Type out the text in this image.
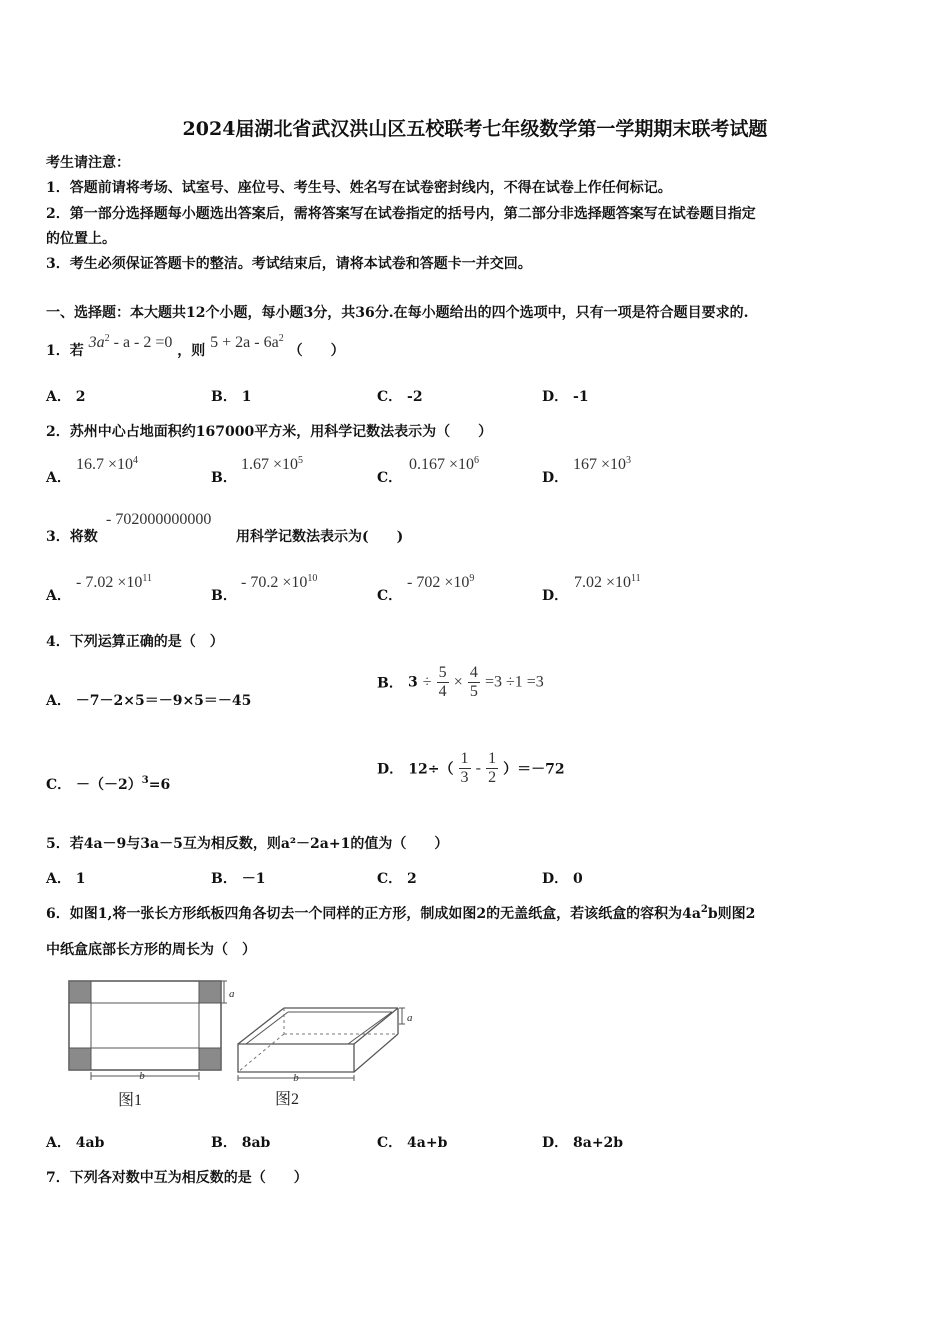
2024届湖北省武汉洪山区五校联考七年级数学第一学期期末联考试题
考生请注意：
1．答题前请将考场、试室号、座位号、考生号、姓名写在试卷密封线内，不得在试卷上作任何标记。
2．第一部分选择题每小题选出答案后，需将答案写在试卷指定的括号内，第二部分非选择题答案写在试卷题目指定
的位置上。
3．考生必须保证答题卡的整洁。考试结束后，请将本试卷和答题卡一并交回。
一、选择题：本大题共12个小题，每小题3分，共36分.在每小题给出的四个选项中，只有一项是符合题目要求的.
1．若 $3a^2 - a - 2 =0$ ，则 $5 + 2a - 6a^2$ （　　）
A． 2	B． 1	C． -2	D． -1
2．苏州中心占地面积约167000平方米，用科学记数法表示为（　　）
A．
$16.7 \times 10^4$
B．
$1.67 \times 10^5$
C．
$0.167 \times 10^6$
D．
$167 \times 10^3$
3．将数
- 702000000000
用科学记数法表示为(　　)
A．
- $7.02 \times 10^{11}$
B．
- $70.2 \times 10^{10}$
C．
- $702 \times 10^9$
D．
$7.02 \times 10^{11}$
4．下列运算正确的是（　）
A． －7－2×5＝－9×5＝－45
B． $3 \div \frac{5}{4} \times \frac{4}{5} =3 \div 1 =3$
C． $-(-2)^3=6$
D． $12\div( \frac{1}{3} - \frac{1}{2} )=-72$
5．若4a－9与3a－5互为相反数，则a²－2a+1的值为（　　）
A． 1	B． －1	C． 2	D． 0
6．如图1,将一张长方形纸板四角各切去一个同样的正方形，制成如图2的无盖纸盒，若该纸盒的容积为$4a^2b$则图2
中纸盒底部长方形的周长为（　）
a
b
图1
a
b
图2
A． 4ab	B． 8ab	C． 4a+b	D． 8a+2b
7．下列各对数中互为相反数的是（　　）
